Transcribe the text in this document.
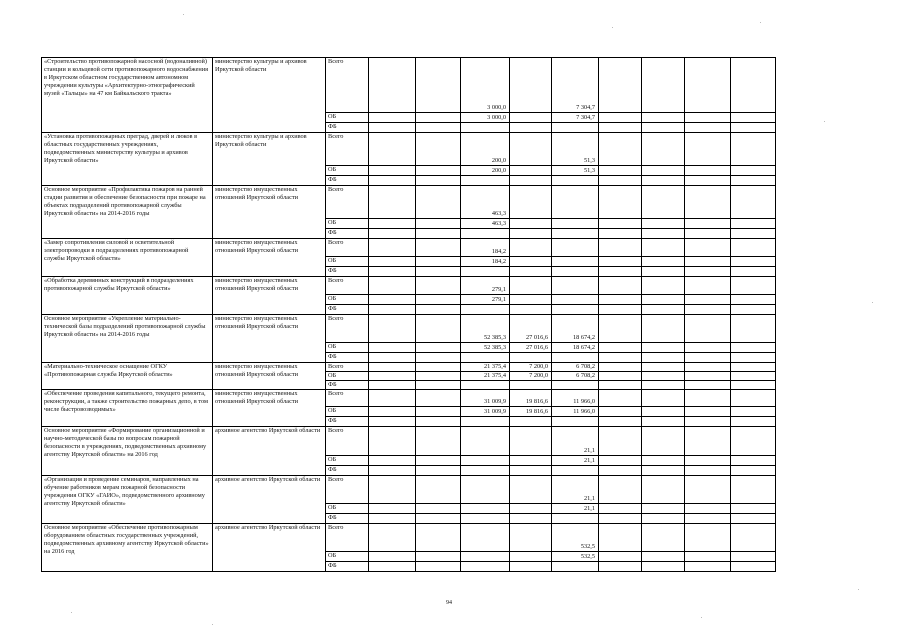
«Строительство противопожарной насосной (водоналивной) станции и кольцевой сети противопожарного водоснабжения в Иркутском областном государственном автономном учреждении культуры «Архитектурно-этнографический музей «Тальцы» на 47 км Байкальского тракта»	министерство культуры и архивов Иркутской области	Всего			3 000,0		7 304,7				
		ОБ			3 000,0		7 304,7				
		ФБ									
«Установка противопожарных преград, дверей и люков в областных государственных учреждениях, подведомственных министерству культуры и архивов Иркутской области»	министерство культуры и архивов Иркутской области	Всего			200,0		51,3				
		ОБ			200,0		51,3				
		ФБ									
Основное мероприятие «Профилактика пожаров на ранней стадии развития и обеспечение безопасности при пожаре на объектах подразделений противопожарной службы Иркутской области» на 2014-2016 годы	министерство имущественных отношений Иркутской области	Всего			463,3						
		ОБ			463,3						
		ФБ									
«Замер сопротивления силовой и осветительной электропроводки в подразделениях противопожарной службы Иркутской области»	министерство имущественных отношений Иркутской области	Всего			184,2						
		ОБ			184,2						
		ФБ									
«Обработка деревянных конструкций в подразделениях противопожарной службы Иркутской области»	министерство имущественных отношений Иркутской области	Всего			279,1						
		ОБ			279,1						
		ФБ									
Основное мероприятие «Укрепление материально-технической базы подразделений противопожарной службы Иркутской области» на 2014-2016 годы	министерство имущественных отношений Иркутской области	Всего			52 385,3	27 016,6	18 674,2				
		ОБ			52 385,3	27 016,6	18 674,2				
		ФБ									
«Материально-техническое оснащение ОГКУ «Противопожарная служба Иркутской области»	министерство имущественных отношений Иркутской области	Всего			21 375,4	7 200,0	6 708,2				
		ОБ			21 375,4	7 200,0	6 708,2				
		ФБ									
«Обеспечение проведения капитального, текущего ремонта, реконструкции, а также строительство пожарных депо, в том числе быстровозводимых»	министерство имущественных отношений Иркутской области	Всего			31 009,9	19 816,6	11 966,0				
		ОБ			31 009,9	19 816,6	11 966,0				
		ФБ									
Основное мероприятие «Формирование организационной и научно-методической базы по вопросам пожарной безопасности в учреждениях, подведомственных архивному агентству Иркутской области» на 2016 год	архивное агентство Иркутской области	Всего					21,1				
		ОБ					21,1				
		ФБ									
«Организация и проведение семинаров, направленных на обучение работников мерам пожарной безопасности учреждения ОГКУ «ГАИО», подведомственного архивному агентству Иркутской области»	архивное агентство Иркутской области	Всего					21,1				
		ОБ					21,1				
		ФБ									
Основное мероприятие «Обеспечение противопожарным оборудованием областных государственных учреждений, подведомственных архивному агентству Иркутской области» на 2016 год	архивное агентство Иркутской области	Всего					532,5				
		ОБ					532,5				
		ФБ									
94
